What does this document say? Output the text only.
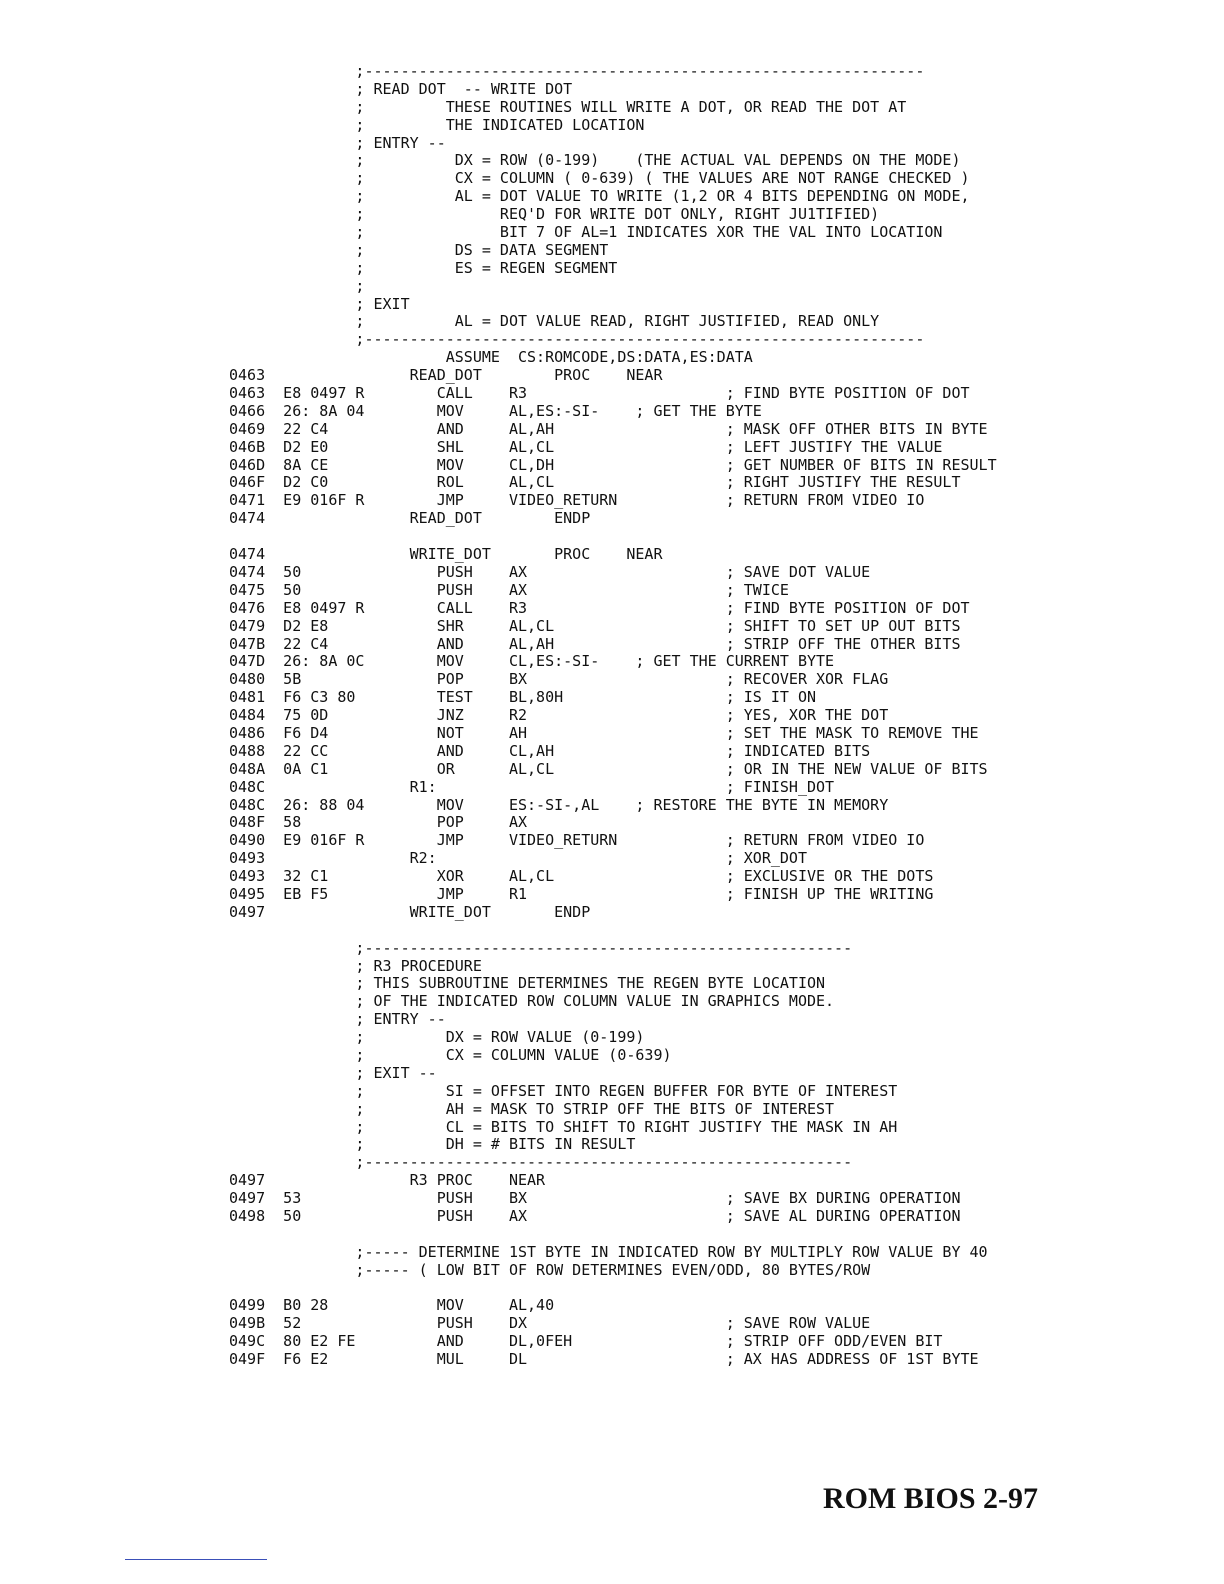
;--------------------------------------------------------------
; READ DOT  -- WRITE DOT
;         THESE ROUTINES WILL WRITE A DOT, OR READ THE DOT AT
;         THE INDICATED LOCATION
; ENTRY --
;          DX = ROW (0-199)    (THE ACTUAL VAL DEPENDS ON THE MODE)
;          CX = COLUMN ( 0-639) ( THE VALUES ARE NOT RANGE CHECKED )
;          AL = DOT VALUE TO WRITE (1,2 OR 4 BITS DEPENDING ON MODE,
;               REQ'D FOR WRITE DOT ONLY, RIGHT JU1TIFIED)
;               BIT 7 OF AL=1 INDICATES XOR THE VAL INTO LOCATION
;          DS = DATA SEGMENT
;          ES = REGEN SEGMENT
;
; EXIT
;          AL = DOT VALUE READ, RIGHT JUSTIFIED, READ ONLY
;--------------------------------------------------------------
ASSUME  CS:ROMCODE,DS:DATA,ES:DATA
0463                READ_DOT        PROC    NEAR
0463  E8 0497 R        CALL    R3                      ; FIND BYTE POSITION OF DOT
0466  26: 8A 04        MOV     AL,ES:-SI-    ; GET THE BYTE
0469  22 C4            AND     AL,AH                   ; MASK OFF OTHER BITS IN BYTE
046B  D2 E0            SHL     AL,CL                   ; LEFT JUSTIFY THE VALUE
046D  8A CE            MOV     CL,DH                   ; GET NUMBER OF BITS IN RESULT
046F  D2 C0            ROL     AL,CL                   ; RIGHT JUSTIFY THE RESULT
0471  E9 016F R        JMP     VIDEO_RETURN            ; RETURN FROM VIDEO IO
0474                READ_DOT        ENDP
0474                WRITE_DOT       PROC    NEAR
0474  50               PUSH    AX                      ; SAVE DOT VALUE
0475  50               PUSH    AX                      ; TWICE
0476  E8 0497 R        CALL    R3                      ; FIND BYTE POSITION OF DOT
0479  D2 E8            SHR     AL,CL                   ; SHIFT TO SET UP OUT BITS
047B  22 C4            AND     AL,AH                   ; STRIP OFF THE OTHER BITS
047D  26: 8A 0C        MOV     CL,ES:-SI-    ; GET THE CURRENT BYTE
0480  5B               POP     BX                      ; RECOVER XOR FLAG
0481  F6 C3 80         TEST    BL,80H                  ; IS IT ON
0484  75 0D            JNZ     R2                      ; YES, XOR THE DOT
0486  F6 D4            NOT     AH                      ; SET THE MASK TO REMOVE THE
0488  22 CC            AND     CL,AH                   ; INDICATED BITS
048A  0A C1            OR      AL,CL                   ; OR IN THE NEW VALUE OF BITS
048C                R1:                                ; FINISH_DOT
048C  26: 88 04        MOV     ES:-SI-,AL    ; RESTORE THE BYTE IN MEMORY
048F  58               POP     AX
0490  E9 016F R        JMP     VIDEO_RETURN            ; RETURN FROM VIDEO IO
0493                R2:                                ; XOR_DOT
0493  32 C1            XOR     AL,CL                   ; EXCLUSIVE OR THE DOTS
0495  EB F5            JMP     R1                      ; FINISH UP THE WRITING
0497                WRITE_DOT       ENDP
;------------------------------------------------------
; R3 PROCEDURE
; THIS SUBROUTINE DETERMINES THE REGEN BYTE LOCATION
; OF THE INDICATED ROW COLUMN VALUE IN GRAPHICS MODE.
; ENTRY --
;         DX = ROW VALUE (0-199)
;         CX = COLUMN VALUE (0-639)
; EXIT --
;         SI = OFFSET INTO REGEN BUFFER FOR BYTE OF INTEREST
;         AH = MASK TO STRIP OFF THE BITS OF INTEREST
;         CL = BITS TO SHIFT TO RIGHT JUSTIFY THE MASK IN AH
;         DH = # BITS IN RESULT
;------------------------------------------------------
0497                R3 PROC    NEAR
0497  53               PUSH    BX                      ; SAVE BX DURING OPERATION
0498  50               PUSH    AX                      ; SAVE AL DURING OPERATION
;----- DETERMINE 1ST BYTE IN INDICATED ROW BY MULTIPLY ROW VALUE BY 40
;----- ( LOW BIT OF ROW DETERMINES EVEN/ODD, 80 BYTES/ROW
0499  B0 28            MOV     AL,40
049B  52               PUSH    DX                      ; SAVE ROW VALUE
049C  80 E2 FE         AND     DL,0FEH                 ; STRIP OFF ODD/EVEN BIT
049F  F6 E2            MUL     DL                      ; AX HAS ADDRESS OF 1ST BYTE
ROM BIOS 2-97
